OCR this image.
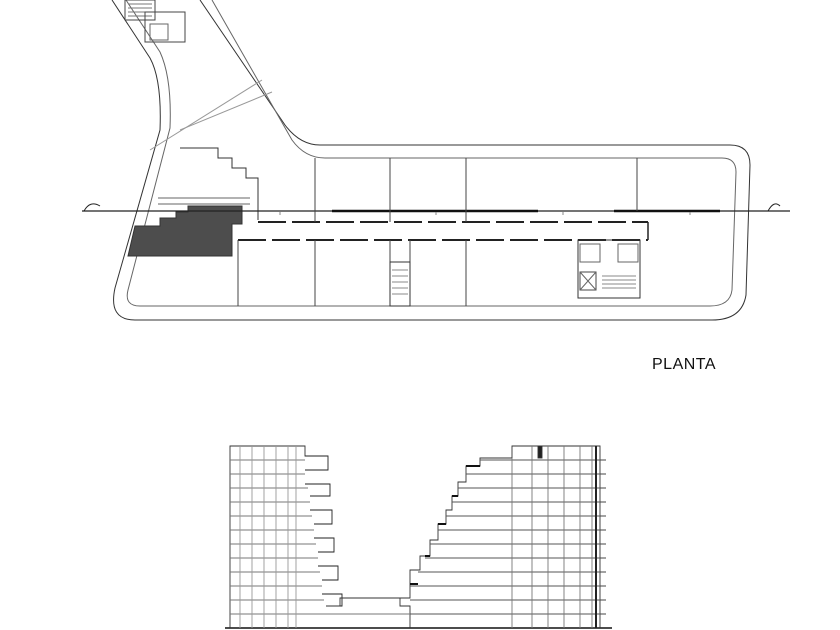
PLANTA
